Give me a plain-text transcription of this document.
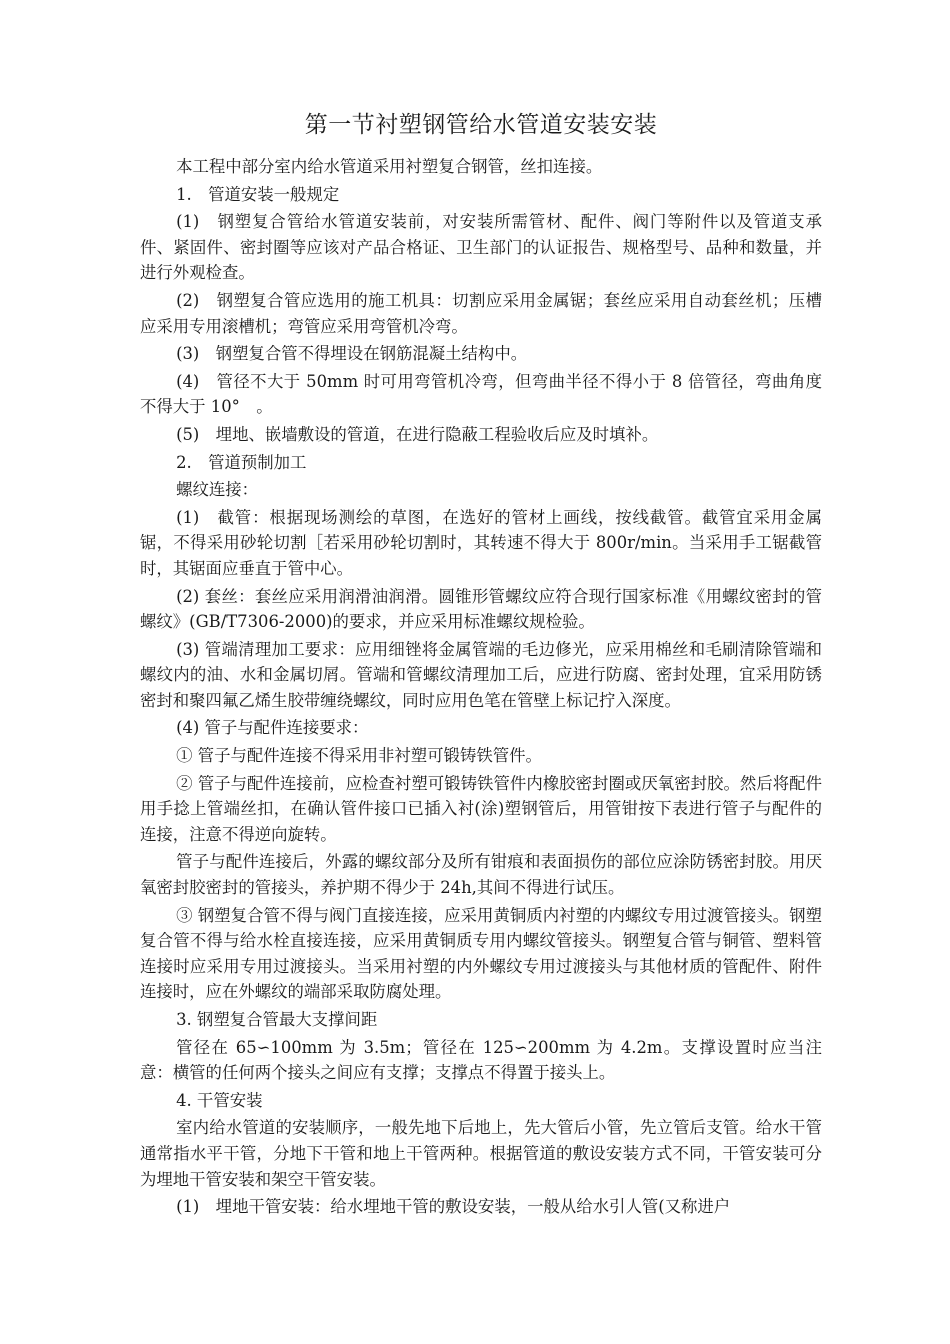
第一节衬塑钢管给水管道安装安装

本工程中部分室内给水管道采用衬塑复合钢管，丝扣连接。

1.　管道安装一般规定

(1)　钢塑复合管给水管道安装前，对安装所需管材、配件、阀门等附件以及管道支承件、紧固件、密封圈等应该对产品合格证、卫生部门的认证报告、规格型号、品种和数量，并进行外观检查。

(2)　钢塑复合管应选用的施工机具：切割应采用金属锯；套丝应采用自动套丝机；压槽应采用专用滚槽机；弯管应采用弯管机冷弯。

(3)　钢塑复合管不得埋设在钢筋混凝土结构中。

(4)　管径不大于 50mm 时可用弯管机冷弯，但弯曲半径不得小于 8 倍管径，弯曲角度不得大于 10°　。

(5)　埋地、嵌墙敷设的管道，在进行隐蔽工程验收后应及时填补。

2.　管道预制加工

螺纹连接：

(1)　截管：根据现场测绘的草图，在选好的管材上画线，按线截管。截管宜采用金属锯，不得采用砂轮切割［若采用砂轮切割时，其转速不得大于 800r/min。当采用手工锯截管时，其锯面应垂直于管中心。

(2) 套丝：套丝应采用润滑油润滑。圆锥形管螺纹应符合现行国家标准《用螺纹密封的管螺纹》(GB/T7306-2000)的要求，并应采用标准螺纹规检验。

(3) 管端清理加工要求：应用细锉将金属管端的毛边修光，应采用棉丝和毛刷清除管端和螺纹内的油、水和金属切屑。管端和管螺纹清理加工后，应进行防腐、密封处理，宜采用防锈密封和聚四氟乙烯生胶带缠绕螺纹，同时应用色笔在管壁上标记拧入深度。

(4) 管子与配件连接要求：

① 管子与配件连接不得采用非衬塑可锻铸铁管件。

② 管子与配件连接前，应检查衬塑可锻铸铁管件内橡胶密封圈或厌氧密封胶。然后将配件用手捻上管端丝扣，在确认管件接口已插入衬(涂)塑钢管后，用管钳按下表进行管子与配件的连接，注意不得逆向旋转。

管子与配件连接后，外露的螺纹部分及所有钳痕和表面损伤的部位应涂防锈密封胶。用厌氧密封胶密封的管接头，养护期不得少于 24h,其间不得进行试压。

③ 钢塑复合管不得与阀门直接连接，应采用黄铜质内衬塑的内螺纹专用过渡管接头。钢塑复合管不得与给水栓直接连接，应采用黄铜质专用内螺纹管接头。钢塑复合管与铜管、塑料管连接时应采用专用过渡接头。当采用衬塑的内外螺纹专用过渡接头与其他材质的管配件、附件连接时，应在外螺纹的端部采取防腐处理。

3. 钢塑复合管最大支撑间距

管径在 65∽100mm 为 3.5m；管径在 125∽200mm 为 4.2m。支撑设置时应当注意：横管的任何两个接头之间应有支撑；支撑点不得置于接头上。

4. 干管安装

室内给水管道的安装顺序，一般先地下后地上，先大管后小管，先立管后支管。给水干管通常指水平干管，分地下干管和地上干管两种。根据管道的敷设安装方式不同，干管安装可分为埋地干管安装和架空干管安装。

(1)　埋地干管安装：给水埋地干管的敷设安装，一般从给水引人管(又称进户
